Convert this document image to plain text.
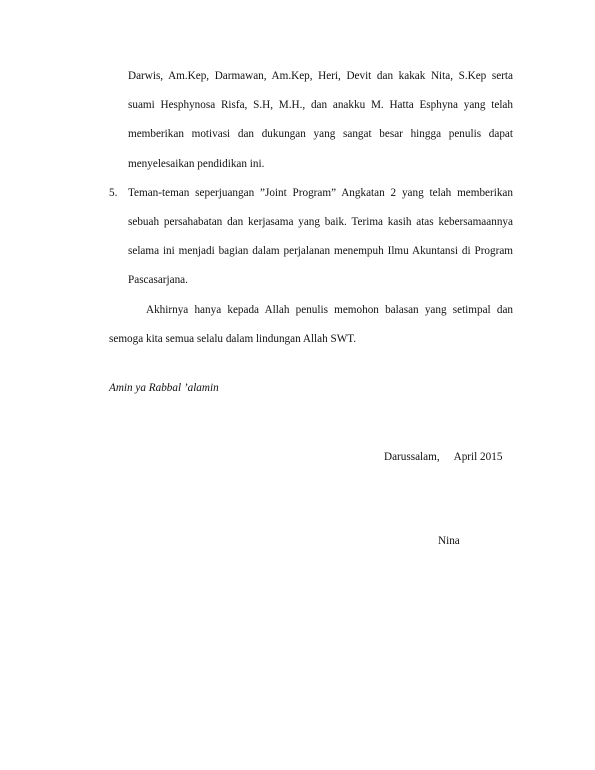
Darwis, Am.Kep, Darmawan, Am.Kep, Heri, Devit dan kakak Nita, S.Kep serta suami Hesphynosa Risfa, S.H, M.H., dan anakku M. Hatta Esphyna yang telah memberikan motivasi dan dukungan yang sangat besar hingga penulis dapat menyelesaikan pendidikan ini.
5. Teman-teman seperjuangan ”Joint Program” Angkatan 2 yang telah memberikan sebuah persahabatan dan kerjasama yang baik. Terima kasih atas kebersamaannya selama ini menjadi bagian dalam perjalanan menempuh Ilmu Akuntansi di Program Pascasarjana.

Akhirnya hanya kepada Allah penulis memohon balasan yang setimpal dan semoga kita semua selalu dalam lindungan Allah SWT.

Amin ya Rabbal ’alamin

Darussalam, April 2015

Nina
